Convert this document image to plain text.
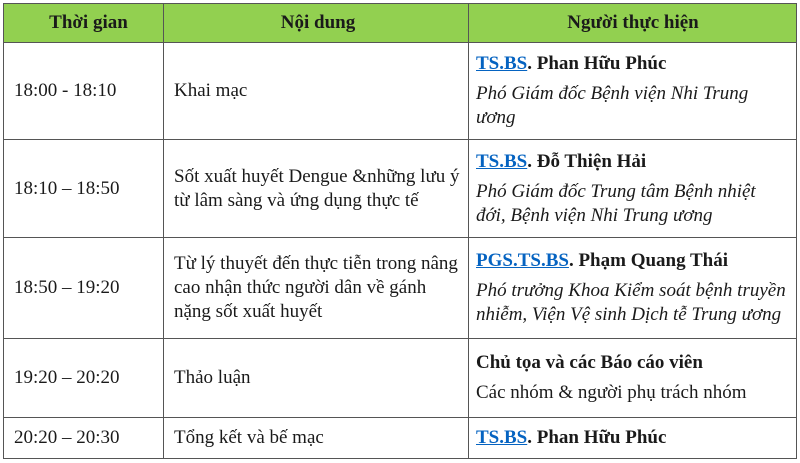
Thời gian	Nội dung	Người thực hiện
18:00 - 18:10	Khai mạc	TS.BS. Phan Hữu Phúc
Phó Giám đốc Bệnh viện Nhi Trung ương

18:10 – 18:50	Sốt xuất huyết Dengue &những lưu ý từ lâm sàng và ứng dụng thực tế	TS.BS. Đỗ Thiện Hải
Phó Giám đốc Trung tâm Bệnh nhiệt đới, Bệnh viện Nhi Trung ương

18:50 – 19:20	Từ lý thuyết đến thực tiễn trong nâng cao nhận thức người dân về gánh nặng sốt xuất huyết	PGS.TS.BS. Phạm Quang Thái
Phó trưởng Khoa Kiểm soát bệnh truyền nhiễm, Viện Vệ sinh Dịch tễ Trung ương

19:20 – 20:20	Thảo luận	Chủ tọa và các Báo cáo viên
Các nhóm & người phụ trách nhóm

20:20 – 20:30	Tổng kết và bế mạc	TS.BS. Phan Hữu Phúc
